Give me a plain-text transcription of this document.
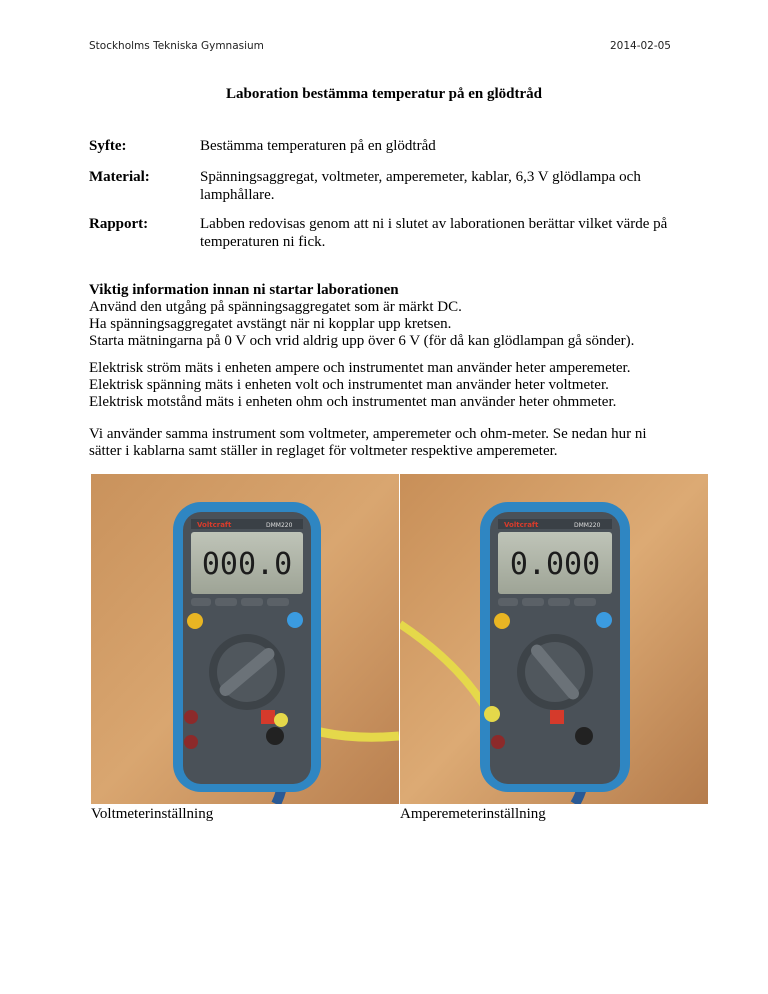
Stockholms Tekniska Gymnasium	2014-02-05
Laboration bestämma temperatur på en glödtråd
Syfte:	Bestämma temperaturen på en glödtråd
Material:	Spänningsaggregat, voltmeter, amperemeter, kablar, 6,3 V glödlampa och lamphållare.
Rapport:	Labben redovisas genom att ni i slutet av laborationen berättar vilket värde på temperaturen ni fick.
Viktig information innan ni startar laborationen
Använd den utgång på spänningsaggregatet som är märkt DC.
Ha spänningsaggregatet avstängt när ni kopplar upp kretsen.
Starta mätningarna på 0 V och vrid aldrig upp över 6 V (för då kan glödlampan gå sönder).
Elektrisk ström mäts i enheten ampere och instrumentet man använder heter amperemeter.
Elektrisk spänning mäts i enheten volt och instrumentet man använder heter voltmeter.
Elektrisk motstånd mäts i enheten ohm och instrumentet man använder heter ohmmeter.
Vi använder samma instrument som voltmeter, amperemeter och ohm-meter. Se nedan hur ni
sätter i kablarna samt ställer in reglaget för voltmeter respektive amperemeter.
Voltcraft	DMM220
000.0
Voltmeterinställning
Voltcraft	DMM220
0.000
Amperemeterinställning
